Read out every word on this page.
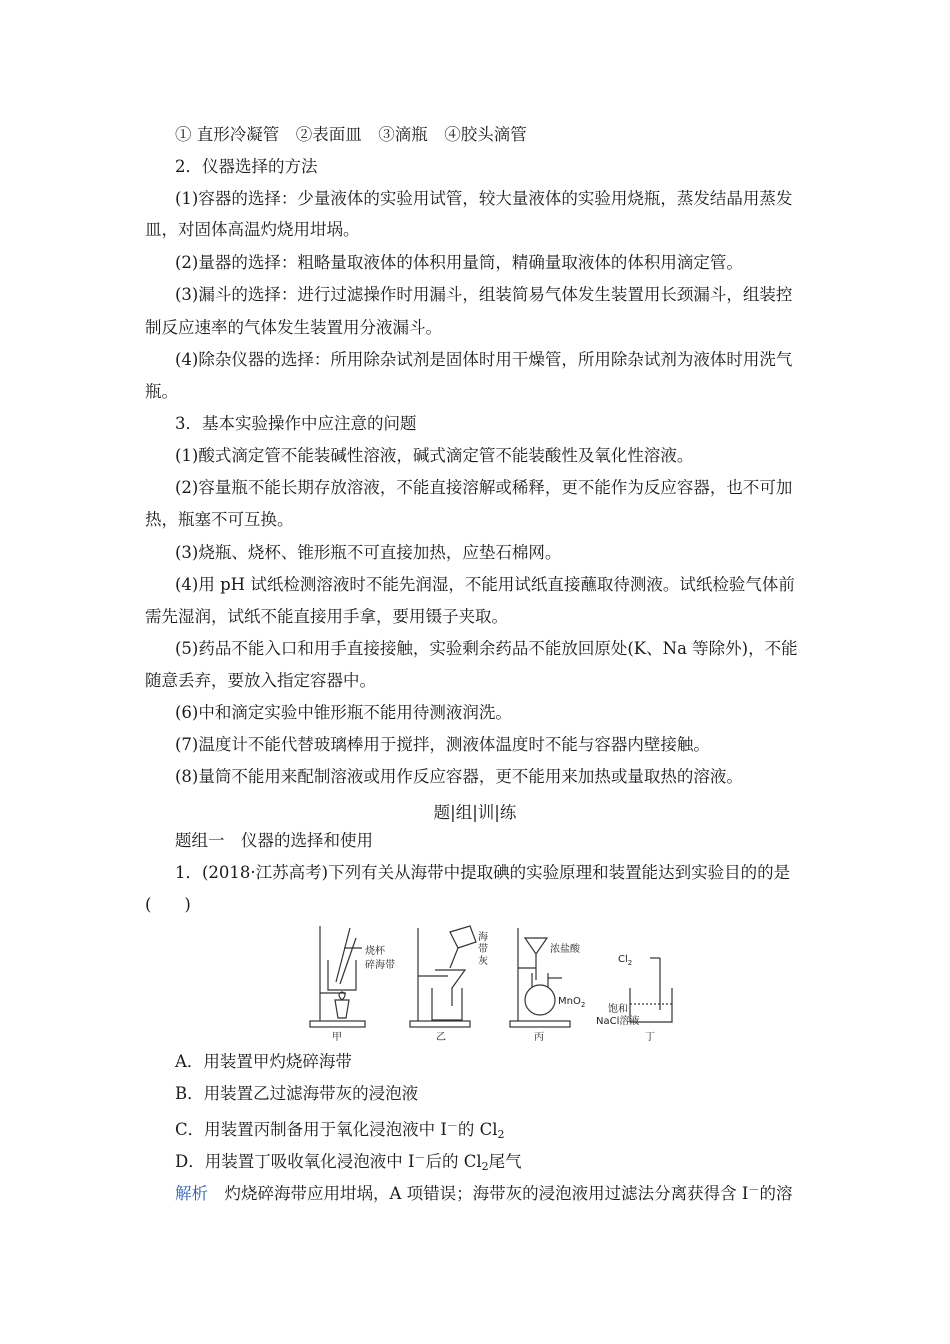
① 直形冷凝管　②表面皿　③滴瓶　④胶头滴管
2．仪器选择的方法
(1)容器的选择：少量液体的实验用试管，较大量液体的实验用烧瓶，蒸发结晶用蒸发
皿，对固体高温灼烧用坩埚。
(2)量器的选择：粗略量取液体的体积用量筒，精确量取液体的体积用滴定管。
(3)漏斗的选择：进行过滤操作时用漏斗，组装简易气体发生装置用长颈漏斗，组装控
制反应速率的气体发生装置用分液漏斗。
(4)除杂仪器的选择：所用除杂试剂是固体时用干燥管，所用除杂试剂为液体时用洗气
瓶。
3．基本实验操作中应注意的问题
(1)酸式滴定管不能装碱性溶液，碱式滴定管不能装酸性及氧化性溶液。
(2)容量瓶不能长期存放溶液，不能直接溶解或稀释，更不能作为反应容器，也不可加
热，瓶塞不可互换。
(3)烧瓶、烧杯、锥形瓶不可直接加热，应垫石棉网。
(4)用 pH 试纸检测溶液时不能先润湿，不能用试纸直接蘸取待测液。试纸检验气体前
需先湿润，试纸不能直接用手拿，要用镊子夹取。
(5)药品不能入口和用手直接接触，实验剩余药品不能放回原处(K、Na 等除外)，不能
随意丢弃，要放入指定容器中。
(6)中和滴定实验中锥形瓶不能用待测液润洗。
(7)温度计不能代替玻璃棒用于搅拌，测液体温度时不能与容器内壁接触。
(8)量筒不能用来配制溶液或用作反应容器，更不能用来加热或量取热的溶液。
题|组|训|练
题组一　仪器的选择和使用
1．(2018·江苏高考)下列有关从海带中提取碘的实验原理和装置能达到实验目的的是
(　　)
烧杯
碎海带
海
带
灰
浓盐酸
MnO$_2$
$Cl_2$
饱和
NaCl溶液
甲	乙	丙	丁
A．用装置甲灼烧碎海带
B．用装置乙过滤海带灰的浸泡液
C．用装置丙制备用于氧化浸泡液中 I－的 $Cl_2$
D．用装置丁吸收氧化浸泡液中 I－后的 $Cl_2$尾气
解析　灼烧碎海带应用坩埚，A 项错误；海带灰的浸泡液用过滤法分离获得含 I－的溶
